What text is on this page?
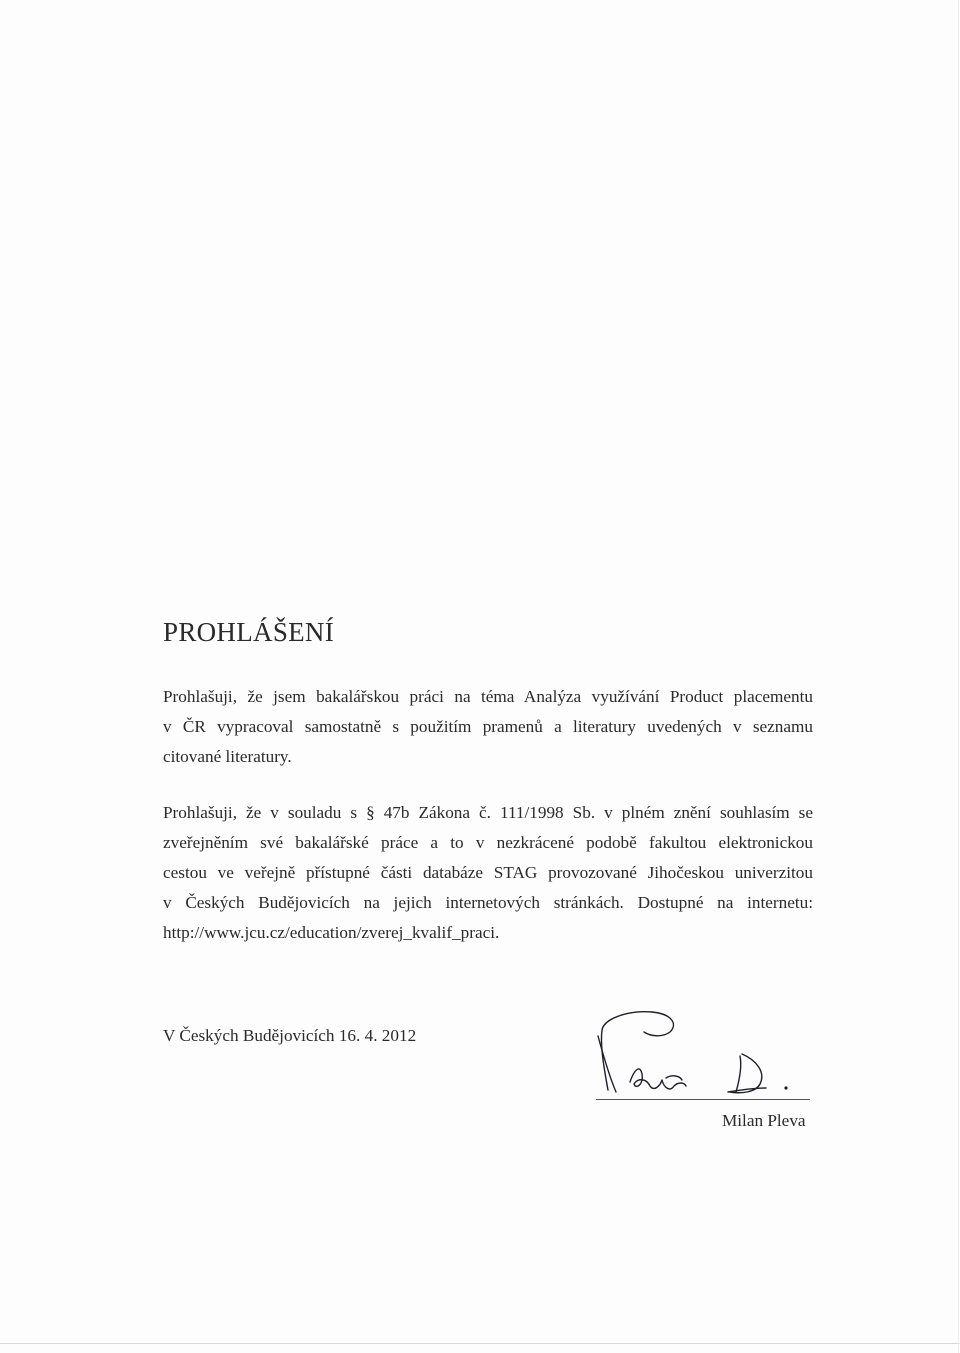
PROHLÁŠENÍ
Prohlašuji, že jsem bakalářskou práci na téma Analýza využívání Product placementu
v ČR vypracoval samostatně s použitím pramenů a literatury uvedených v seznamu
citované literatury.
Prohlašuji, že v souladu s § 47b Zákona č. 111/1998 Sb. v plném znění souhlasím se
zveřejněním své bakalářské práce a to v nezkrácené podobě fakultou elektronickou
cestou ve veřejně přístupné části databáze STAG provozované Jihočeskou univerzitou
v Českých Budějovicích na jejich internetových stránkách. Dostupné na internetu:
http://www.jcu.cz/education/zverej_kvalif_praci.
V Českých Budějovicích 16. 4. 2012
Milan Pleva
